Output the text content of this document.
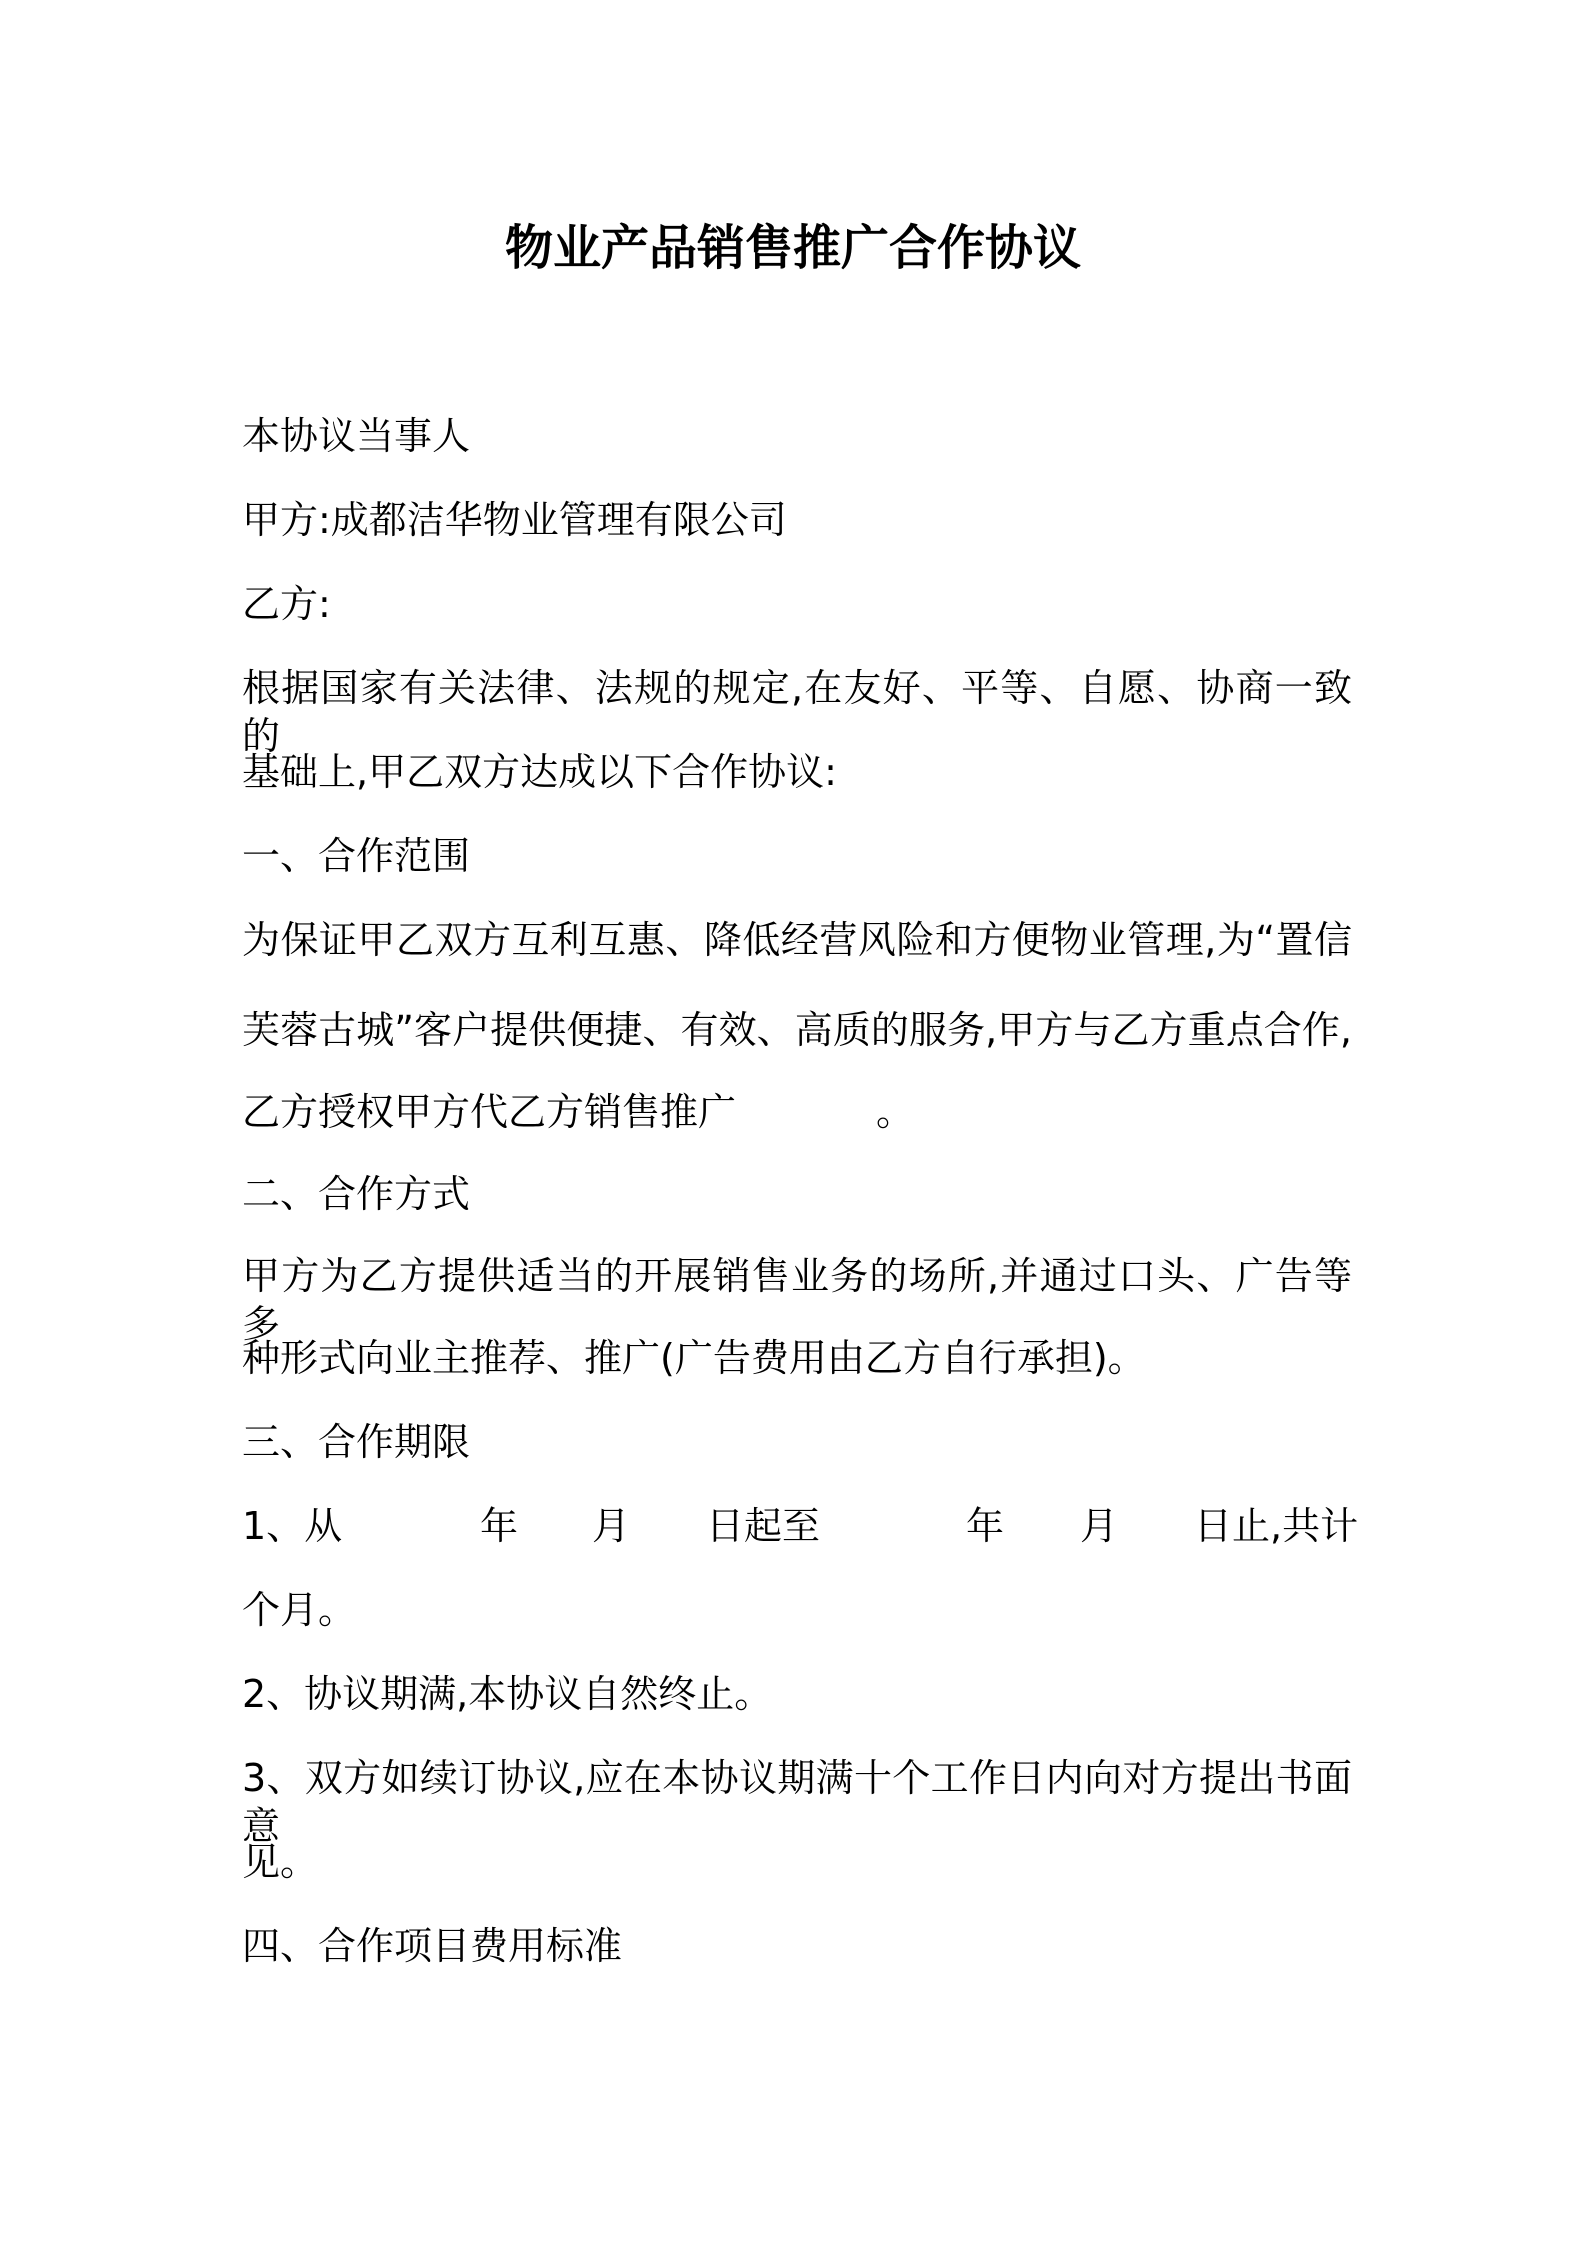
物业产品销售推广合作协议
本协议当事人
甲方:成都洁华物业管理有限公司
乙方:
根据国家有关法律、法规的规定,在友好、平等、自愿、协商一致的
基础上,甲乙双方达成以下合作协议:
一、合作范围
为保证甲乙双方互利互惠、降低经营风险和方便物业管理,为“置信
芙蓉古城”客户提供便捷、有效、高质的服务,甲方与乙方重点合作,
乙方授权甲方代乙方销售推广	。
二、合作方式
甲方为乙方提供适当的开展销售业务的场所,并通过口头、广告等多
种形式向业主推荐、推广(广告费用由乙方自行承担)。
三、合作期限
1、从	年 月 日起至	年 月 日止,共计
个月。
2、协议期满,本协议自然终止。
3、双方如续订协议,应在本协议期满十个工作日内向对方提出书面意
见。
四、合作项目费用标准
